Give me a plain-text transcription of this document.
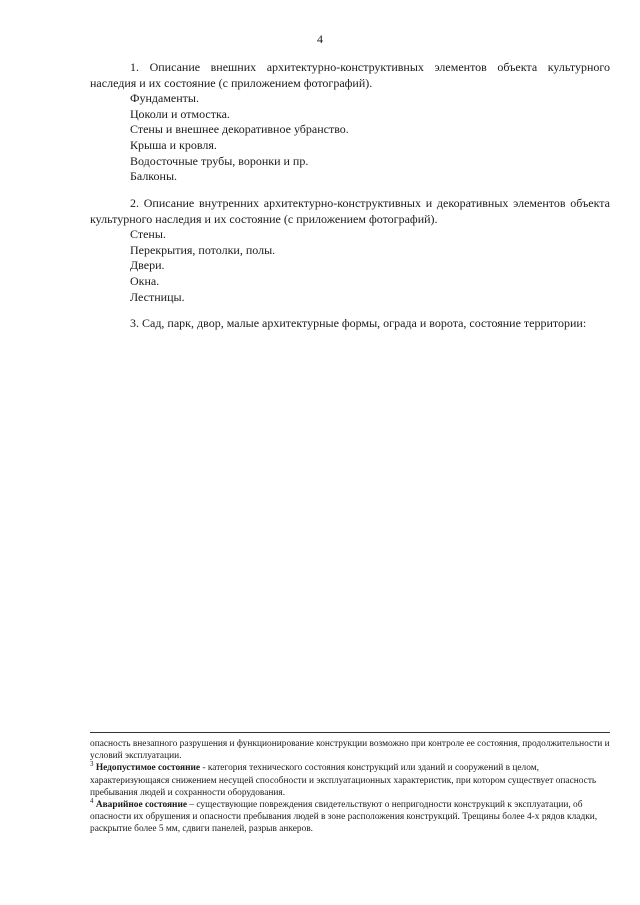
4

1. Описание внешних архитектурно-конструктивных элементов объекта культурного наследия и их состояние (с приложением фотографий).

Фундаменты.
Цоколи и отмостка.
Стены и внешнее декоративное убранство.
Крыша и кровля.
Водосточные трубы, воронки и пр.
Балконы.

2. Описание внутренних архитектурно-конструктивных и декоративных элементов объекта культурного наследия и их состояние (с приложением фотографий).

Стены.
Перекрытия, потолки, полы.
Двери.
Окна.
Лестницы.

3. Сад, парк, двор, малые архитектурные формы, ограда и ворота, состояние территории:

опасность внезапного разрушения и функционирование конструкции возможно при контроле ее состояния, продолжительности и условий эксплуатации.

$^3$ Недопустимое состояние - категория технического состояния конструкций или зданий и сооружений в целом, характеризующаяся снижением несущей способности и эксплуатационных характеристик, при котором существует опасность пребывания людей и сохранности оборудования.

$^4$ Аварийное состояние – существующие повреждения свидетельствуют о непригодности конструкций к эксплуатации, об опасности их обрушения и опасности пребывания людей в зоне расположения конструкций. Трещины более 4-х рядов кладки, раскрытие более 5 мм, сдвиги панелей, разрыв анкеров.
